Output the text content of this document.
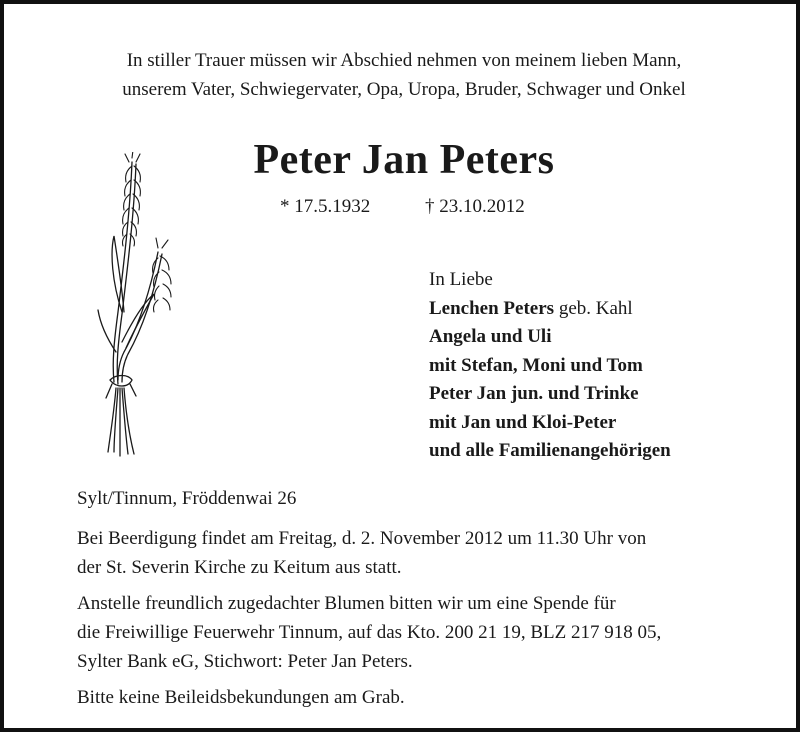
In stiller Trauer müssen wir Abschied nehmen von meinem lieben Mann,
unserem Vater, Schwiegervater, Opa, Uropa, Bruder, Schwager und Onkel
Peter Jan Peters
* 17.5.1932	† 23.10.2012
In Liebe
Lenchen Peters geb. Kahl
Angela und Uli
mit Stefan, Moni und Tom
Peter Jan jun. und Trinke
mit Jan und Kloi-Peter
und alle Familienangehörigen
Sylt/Tinnum, Fröddenwai 26
Bei Beerdigung findet am Freitag, d. 2. November 2012 um 11.30 Uhr von
der St. Severin Kirche zu Keitum aus statt.
Anstelle freundlich zugedachter Blumen bitten wir um eine Spende für
die Freiwillige Feuerwehr Tinnum, auf das Kto. 200 21 19, BLZ 217 918 05,
Sylter Bank eG, Stichwort: Peter Jan Peters.
Bitte keine Beileidsbekundungen am Grab.
